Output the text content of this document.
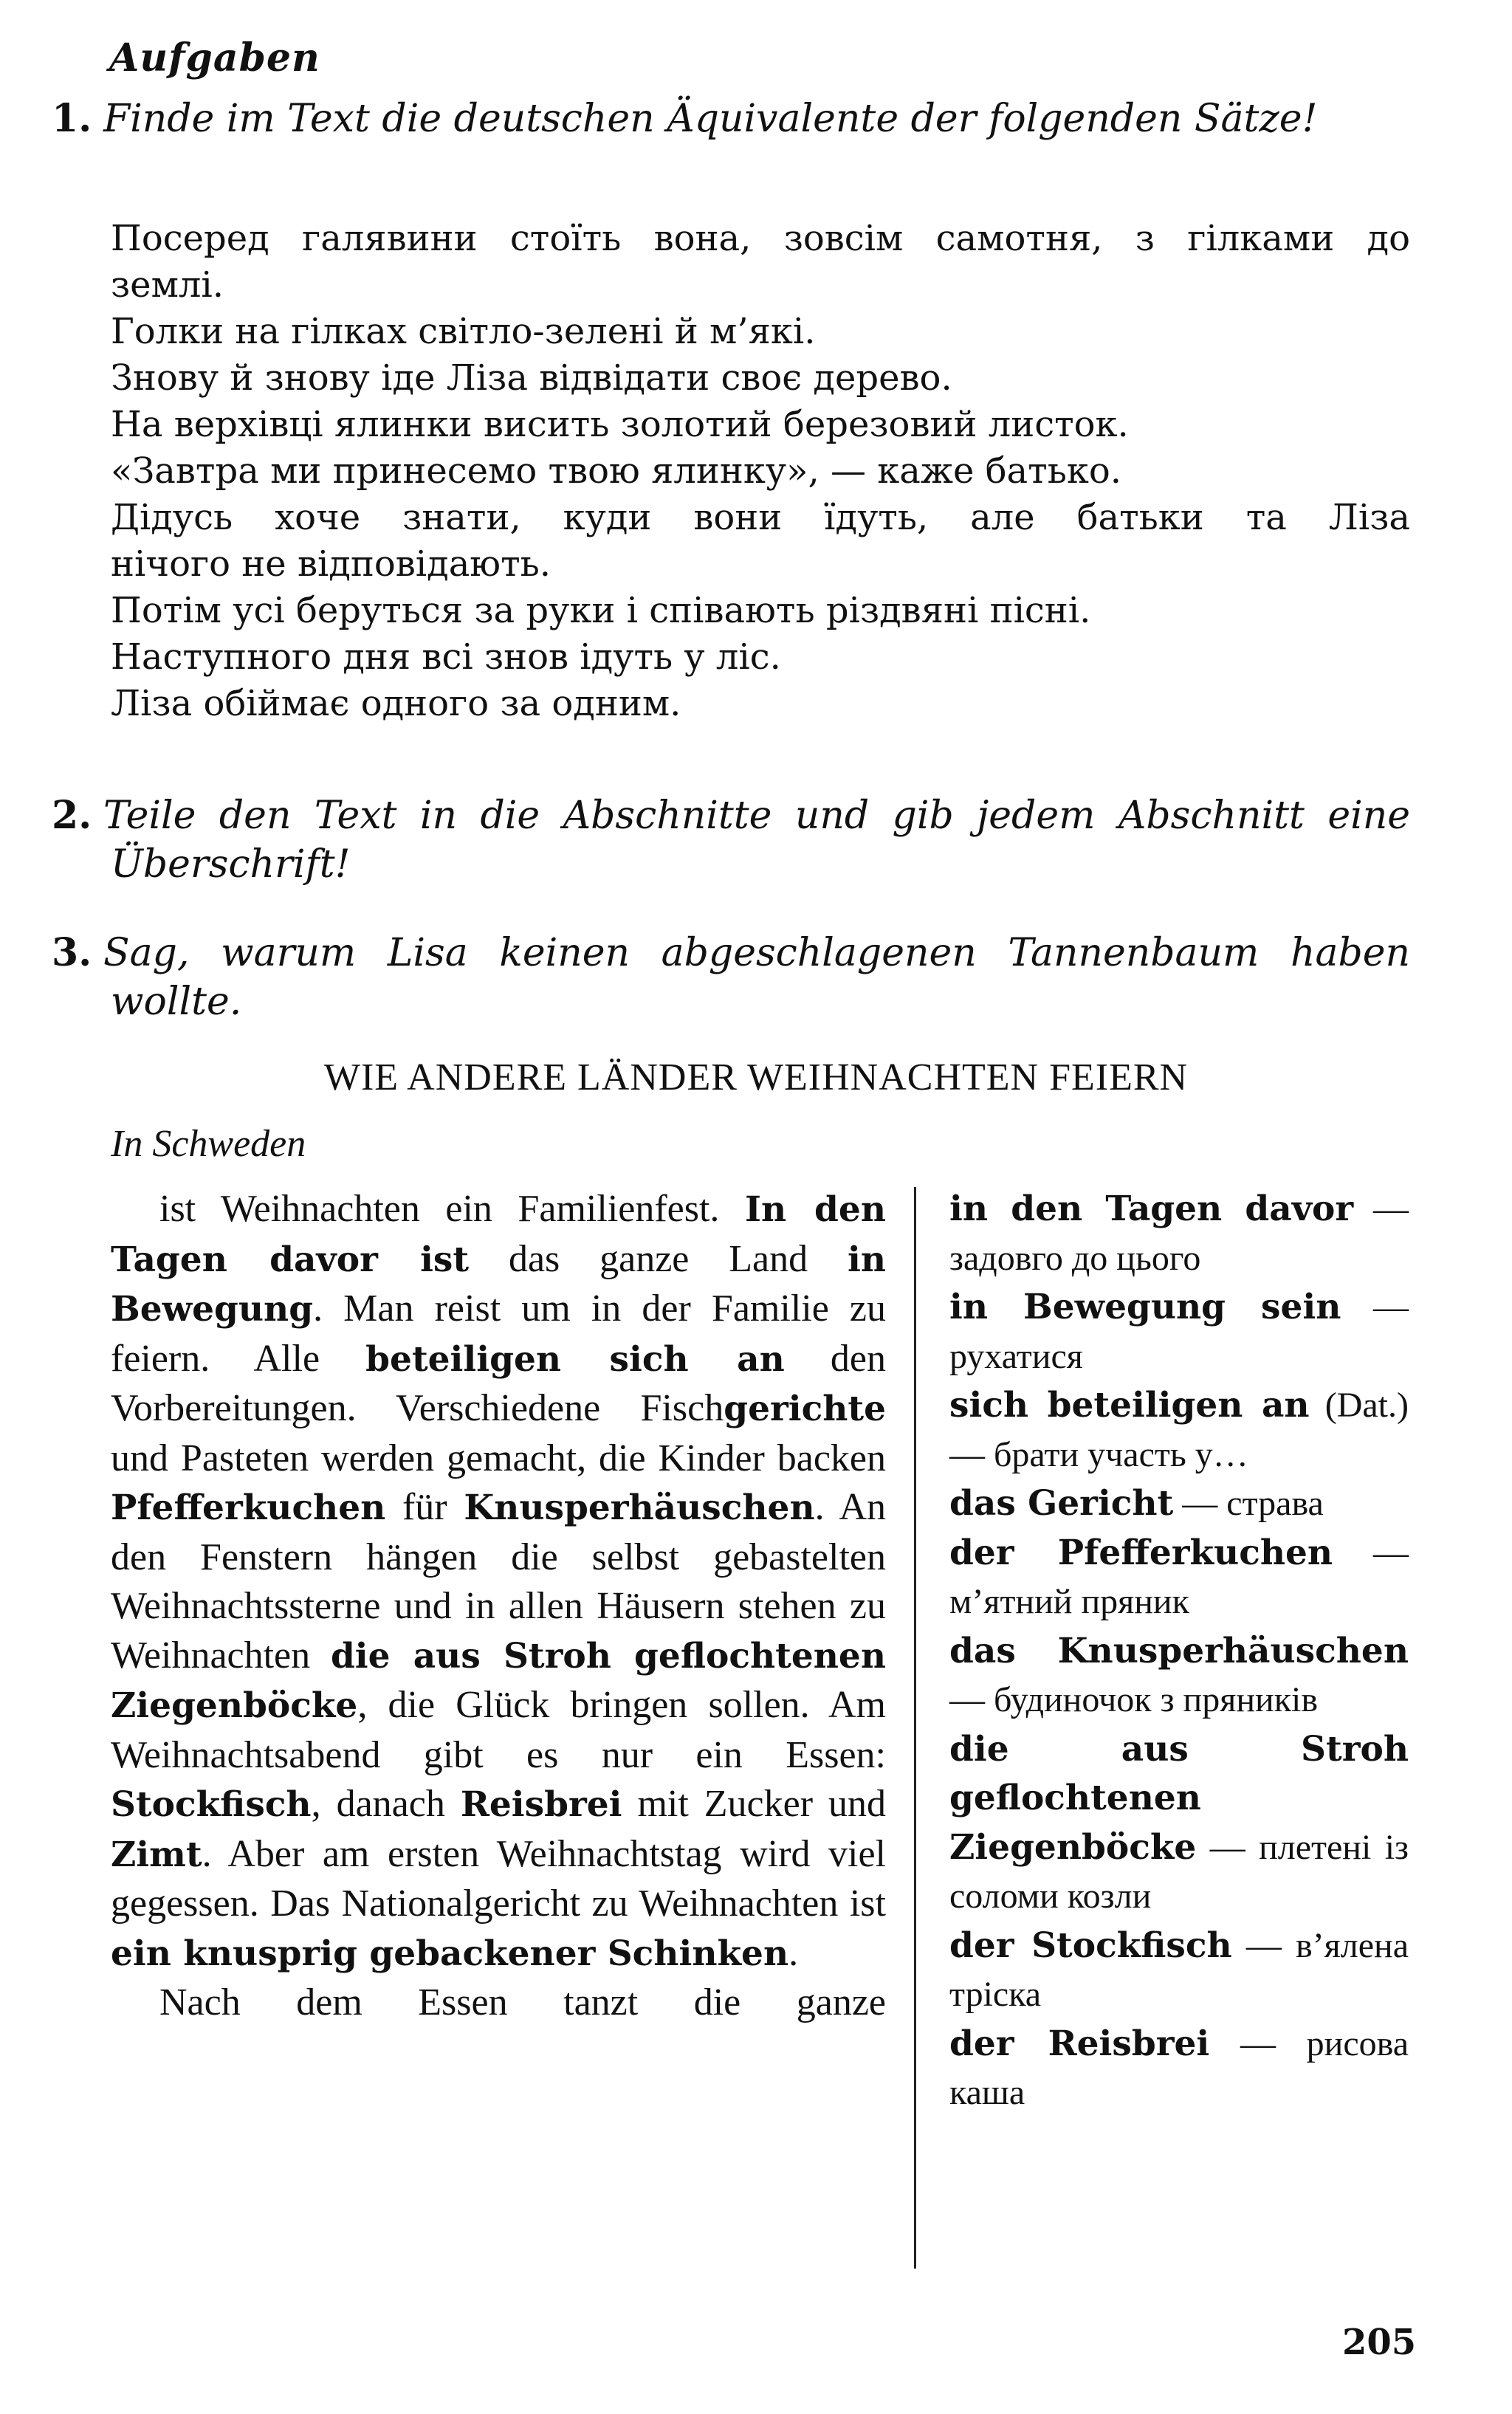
Aufgaben
1. Finde im Text die deutschen Äquivalente der folgenden Sätze!
Посеред галявини стоїть вона, зовсім самотня, з гілками до
землі.
Голки на гілках світло-зелені й м’які.
Знову й знову іде Ліза відвідати своє дерево.
На верхівці ялинки висить золотий березовий листок.
«Завтра ми принесемо твою ялинку», — каже батько.
Дідусь хоче знати, куди вони їдуть, але батьки та Ліза
нічого не відповідають.
Потім усі беруться за руки і співають різдвяні пісні.
Наступного дня всі знов ідуть у ліс.
Ліза обіймає одного за одним.
2. Teile den Text in die Abschnitte und gib jedem Abschnitt eine
Überschrift!
3. Sag, warum Lisa keinen abgeschlagenen Tannenbaum haben
wollte.
WIE ANDERE LÄNDER WEIHNACHTEN FEIERN
In Schweden

ist Weihnachten ein Familienfest. In den Tagen davor ist das ganze Land in Bewegung. Man reist um in der Familie zu feiern. Alle beteiligen sich an den Vorbereitungen. Verschiedene Fischgerichte und Pasteten werden gemacht, die Kinder backen Pfefferkuchen für Knusperhäuschen. An den Fenstern hängen die selbst gebastelten Weihnachtssterne und in allen Häusern stehen zu Weihnachten die aus Stroh geflochtenen Ziegenböcke, die Glück bringen sollen. Am Weihnachtsabend gibt es nur ein Essen: Stockfisch, danach Reisbrei mit Zucker und Zimt. Aber am ersten Weihnachtstag wird viel gegessen. Das Nationalgericht zu Weihnachten ist ein knusprig gebackener Schinken.

Nach dem Essen tanzt die ganze

in den Tagen davor —задовго до цього
in Bewegung sein —рухатися
sich beteiligen an (Dat.) — брати участь у…
das Gericht — страва
der Pfefferkuchen — м’ятний пряник
das Knusperhäuschen — будиночок з пряників
die aus Stroh geflochtenen Ziegenböcke — плетені із соломи козли
der Stockfisch — в’ялена тріска
der Reisbrei — рисова каша
205
